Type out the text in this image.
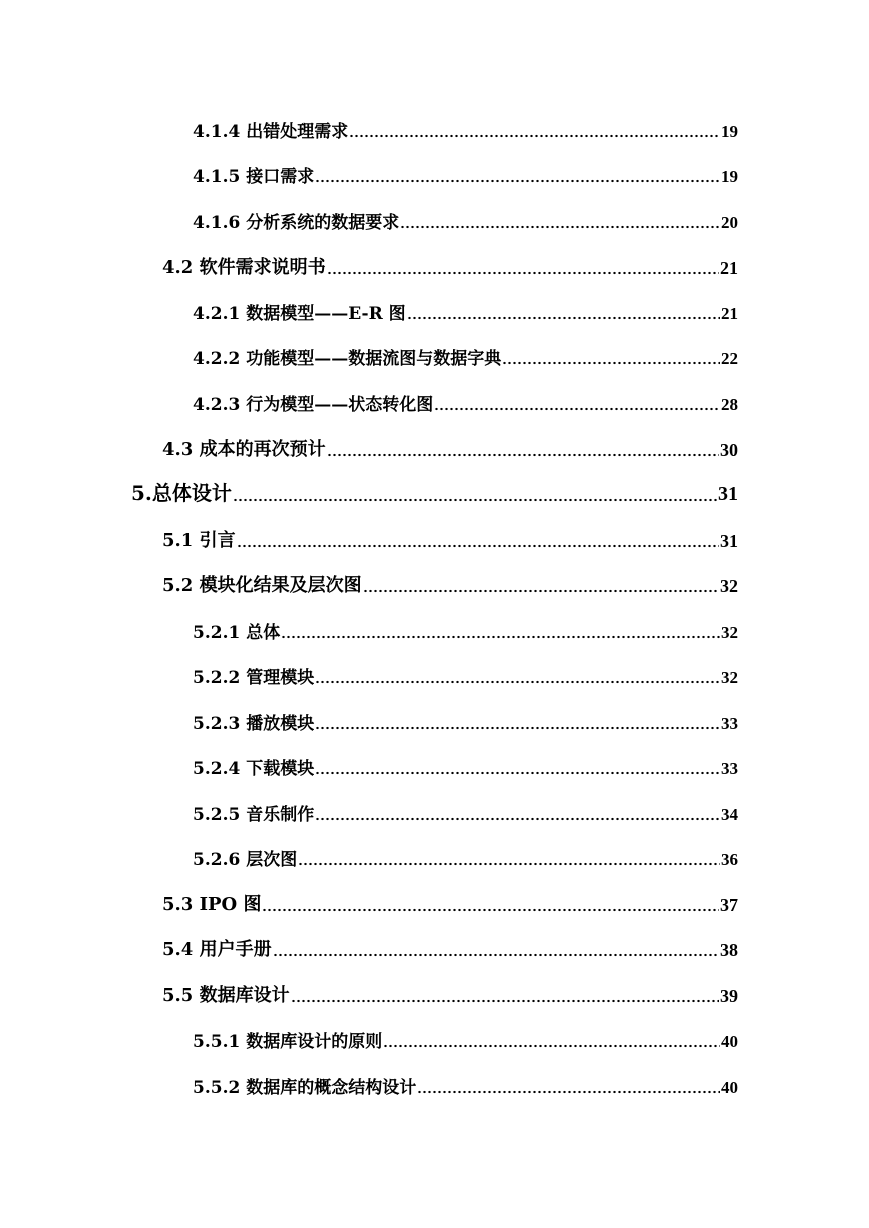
4.1.4 出错处理需求	19
4.1.5 接口需求	19
4.1.6 分析系统的数据要求	20
4.2 软件需求说明书	21
4.2.1 数据模型——E-R 图	21
4.2.2 功能模型——数据流图与数据字典	22
4.2.3 行为模型——状态转化图	28
4.3 成本的再次预计	30
5.总体设计	31
5.1 引言	31
5.2 模块化结果及层次图	32
5.2.1 总体	32
5.2.2 管理模块	32
5.2.3 播放模块	33
5.2.4 下载模块	33
5.2.5 音乐制作	34
5.2.6 层次图	36
5.3 IPO 图	37
5.4 用户手册	38
5.5 数据库设计	39
5.5.1 数据库设计的原则	40
5.5.2 数据库的概念结构设计	40
